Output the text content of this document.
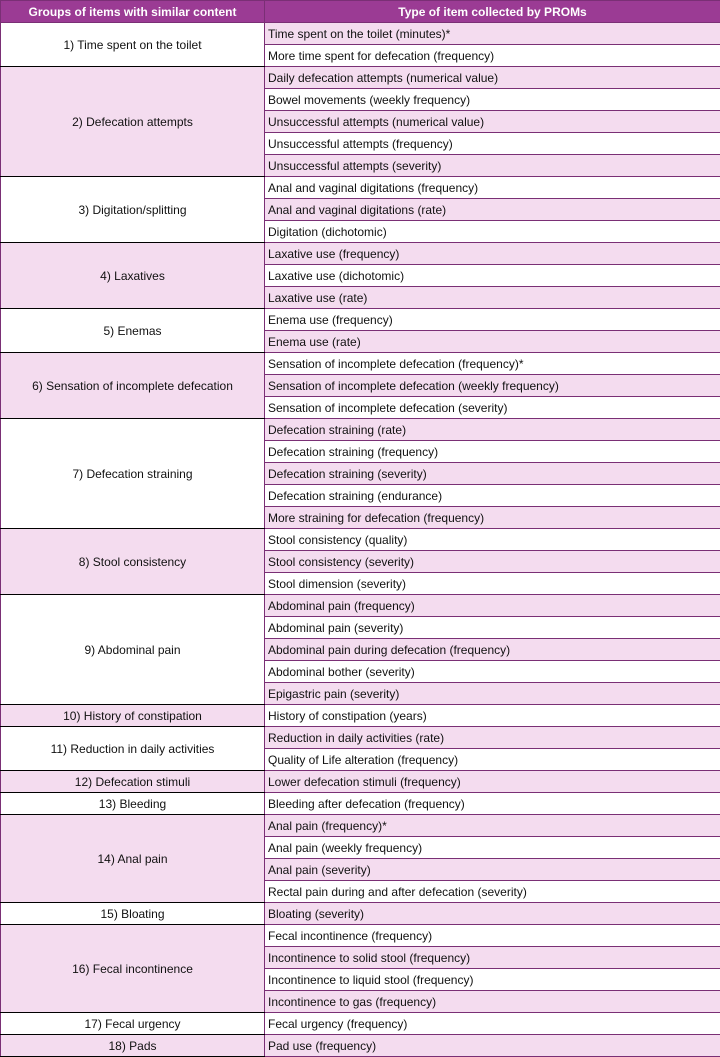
Groups of items with similar content	Type of item collected by PROMs
1) Time spent on the toilet	Time spent on the toilet (minutes)*
	More time spent for defecation (frequency)
2) Defecation attempts	Daily defecation attempts (numerical value)
	Bowel movements (weekly frequency)
	Unsuccessful attempts (numerical value)
	Unsuccessful attempts (frequency)
	Unsuccessful attempts (severity)
3) Digitation/splitting	Anal and vaginal digitations (frequency)
	Anal and vaginal digitations (rate)
	Digitation (dichotomic)
4) Laxatives	Laxative use (frequency)
	Laxative use (dichotomic)
	Laxative use (rate)
5) Enemas	Enema use (frequency)
	Enema use (rate)
6) Sensation of incomplete defecation	Sensation of incomplete defecation (frequency)*
	Sensation of incomplete defecation (weekly frequency)
	Sensation of incomplete defecation (severity)
7) Defecation straining	Defecation straining (rate)
	Defecation straining (frequency)
	Defecation straining (severity)
	Defecation straining (endurance)
	More straining for defecation (frequency)
8) Stool consistency	Stool consistency (quality)
	Stool consistency (severity)
	Stool dimension (severity)
9) Abdominal pain	Abdominal pain (frequency)
	Abdominal pain (severity)
	Abdominal pain during defecation (frequency)
	Abdominal bother (severity)
	Epigastric pain (severity)
10) History of constipation	History of constipation (years)
11) Reduction in daily activities	Reduction in daily activities (rate)
	Quality of Life alteration (frequency)
12) Defecation stimuli	Lower defecation stimuli (frequency)
13) Bleeding	Bleeding after defecation (frequency)
14) Anal pain	Anal pain (frequency)*
	Anal pain (weekly frequency)
	Anal pain (severity)
	Rectal pain during and after defecation (severity)
15) Bloating	Bloating (severity)
16) Fecal incontinence	Fecal incontinence (frequency)
	Incontinence to solid stool (frequency)
	Incontinence to liquid stool (frequency)
	Incontinence to gas (frequency)
17) Fecal urgency	Fecal urgency (frequency)
18) Pads	Pad use (frequency)
